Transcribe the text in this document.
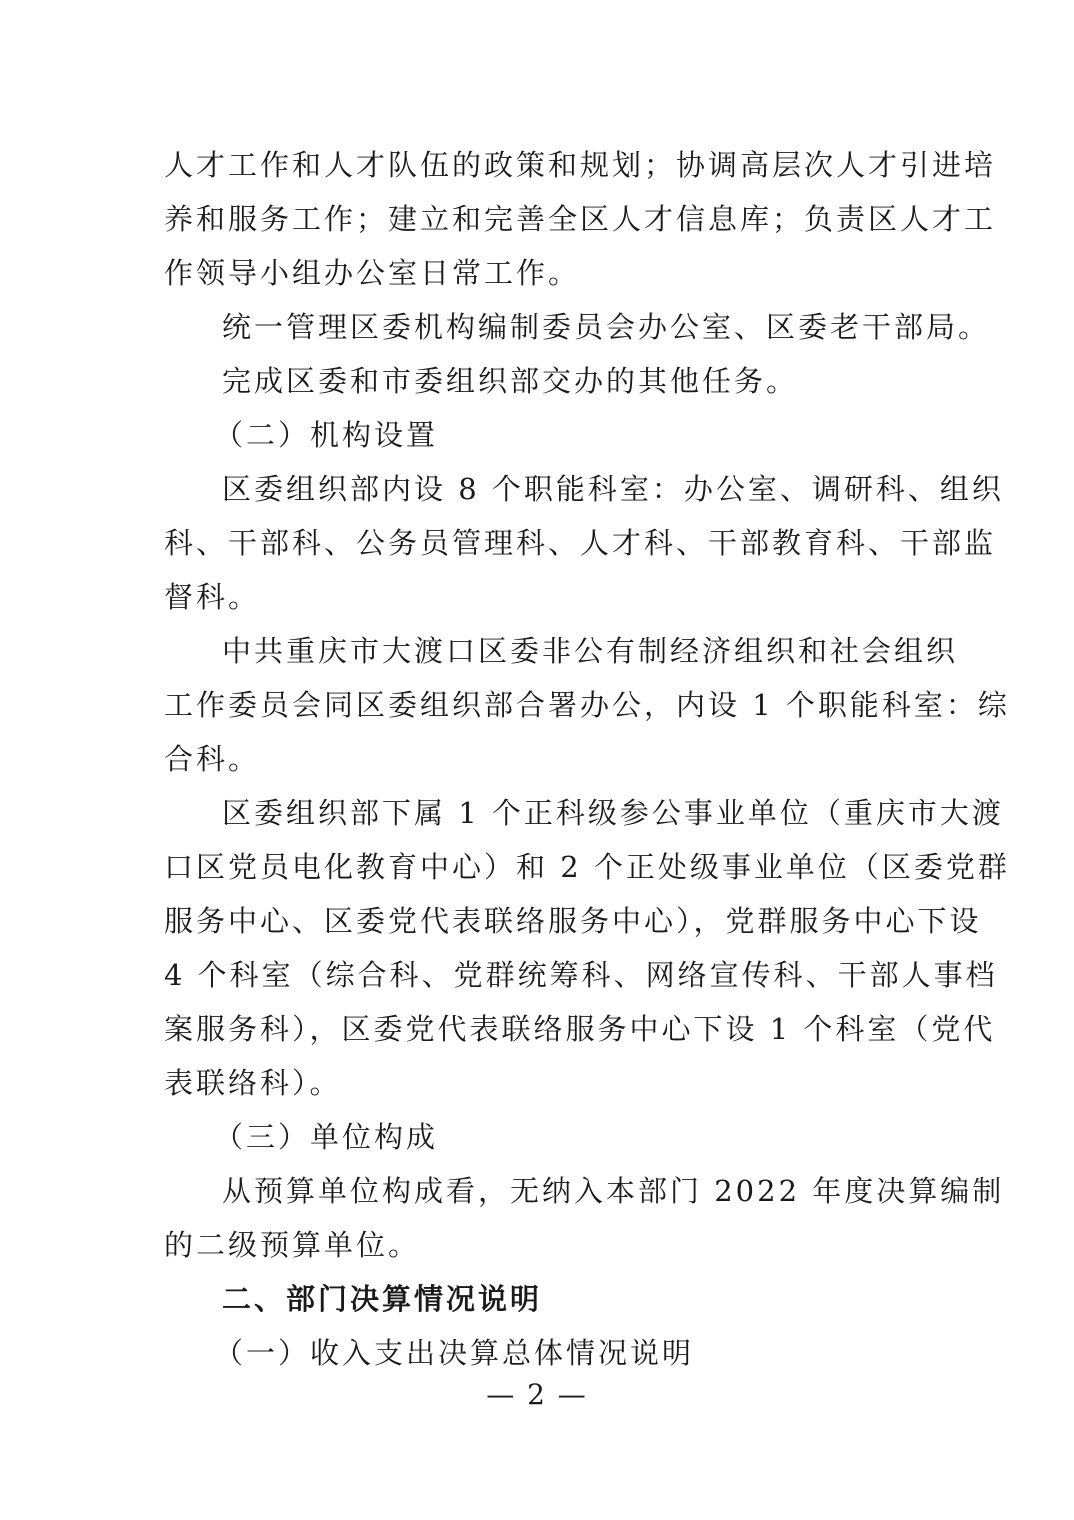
人才工作和人才队伍的政策和规划；协调高层次人才引进培
养和服务工作；建立和完善全区人才信息库；负责区人才工
作领导小组办公室日常工作。
统一管理区委机构编制委员会办公室、区委老干部局。
完成区委和市委组织部交办的其他任务。
（二）机构设置
区委组织部内设 8 个职能科室：办公室、调研科、组织
科、干部科、公务员管理科、人才科、干部教育科、干部监
督科。
中共重庆市大渡口区委非公有制经济组织和社会组织
工作委员会同区委组织部合署办公，内设 1 个职能科室：综
合科。
区委组织部下属 1 个正科级参公事业单位（重庆市大渡
口区党员电化教育中心）和 2 个正处级事业单位（区委党群
服务中心、区委党代表联络服务中心），党群服务中心下设
4 个科室（综合科、党群统筹科、网络宣传科、干部人事档
案服务科），区委党代表联络服务中心下设 1 个科室（党代
表联络科）。
（三）单位构成
从预算单位构成看，无纳入本部门 2022 年度决算编制
的二级预算单位。
二、部门决算情况说明
（一）收入支出决算总体情况说明
— 2 —
